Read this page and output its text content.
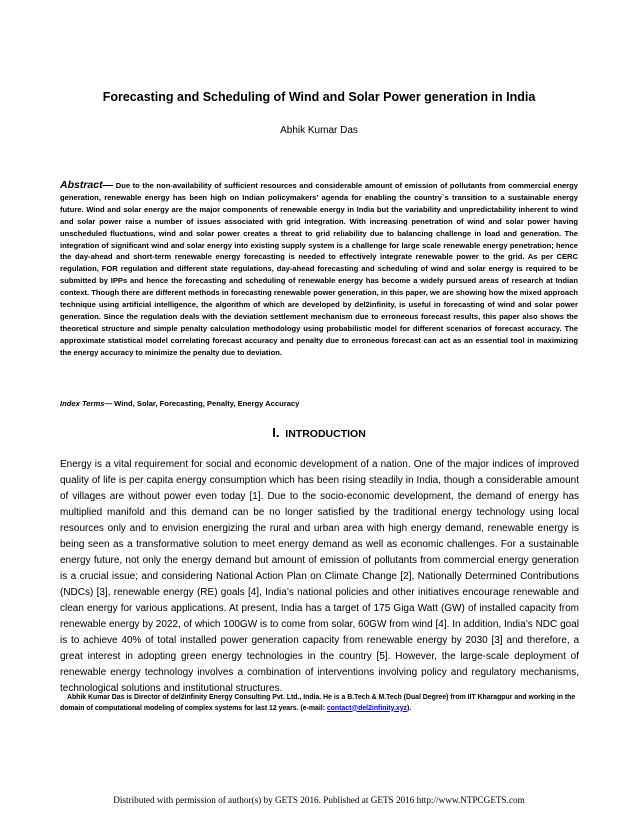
Forecasting and Scheduling of Wind and Solar Power generation in India
Abhik Kumar Das
Abstract— Due to the non-availability of sufficient resources and considerable amount of emission of pollutants from commercial energy generation, renewable energy has been high on Indian policymakers’ agenda for enabling the country`s transition to a sustainable energy future. Wind and solar energy are the major components of renewable energy in India but the variability and unpredictability inherent to wind and solar power raise a number of issues associated with grid integration. With increasing penetration of wind and solar power having unscheduled fluctuations, wind and solar power creates a threat to grid reliability due to balancing challenge in load and generation. The integration of significant wind and solar energy into existing supply system is a challenge for large scale renewable energy penetration; hence the day-ahead and short-term renewable energy forecasting is needed to effectively integrate renewable power to the grid. As per CERC regulation, FOR regulation and different state regulations, day-ahead forecasting and scheduling of wind and solar energy is required to be submitted by IPPs and hence the forecasting and scheduling of renewable energy has become a widely pursued areas of research at Indian context. Though there are different methods in forecasting renewable power generation, in this paper, we are showing how the mixed approach technique using artificial intelligence, the algorithm of which are developed by del2infinity, is useful in forecasting of wind and solar power generation. Since the regulation deals with the deviation settlement mechanism due to erroneous forecast results, this paper also shows the theoretical structure and simple penalty calculation methodology using probabilistic model for different scenarios of forecast accuracy. The approximate statistical model correlating forecast accuracy and penalty due to erroneous forecast can act as an essential tool in maximizing the energy accuracy to minimize the penalty due to deviation.
Index Terms— Wind, Solar, Forecasting, Penalty, Energy Accuracy
I. INTRODUCTION
Energy is a vital requirement for social and economic development of a nation. One of the major indices of improved quality of life is per capita energy consumption which has been rising steadily in India, though a considerable amount of villages are without power even today [1]. Due to the socio-economic development, the demand of energy has multiplied manifold and this demand can be no longer satisfied by the traditional energy technology using local resources only and to envision energizing the rural and urban area with high energy demand, renewable energy is being seen as a transformative solution to meet energy demand as well as economic challenges. For a sustainable energy future, not only the energy demand but amount of emission of pollutants from commercial energy generation is a crucial issue; and considering National Action Plan on Climate Change [2], Nationally Determined Contributions (NDCs) [3], renewable energy (RE) goals [4], India’s national policies and other initiatives encourage renewable and clean energy for various applications. At present, India has a target of 175 Giga Watt (GW) of installed capacity from renewable energy by 2022, of which 100GW is to come from solar, 60GW from wind [4]. In addition, India’s NDC goal is to achieve 40% of total installed power generation capacity from renewable energy by 2030 [3] and therefore, a great interest in adopting green energy technologies in the country [5]. However, the large-scale deployment of renewable energy technology involves a combination of interventions involving policy and regulatory mechanisms, technological solutions and institutional structures.
Abhik Kumar Das is Director of del2infinity Energy Consulting Pvt. Ltd., India. He is a B.Tech & M.Tech (Dual Degree) from IIT Kharagpur and working in the domain of computational modeling of complex systems for last 12 years. (e-mail: contact@del2infinity.xyz).
Distributed with permission of author(s) by GETS 2016. Published at GETS 2016 http://www.NTPCGETS.com
